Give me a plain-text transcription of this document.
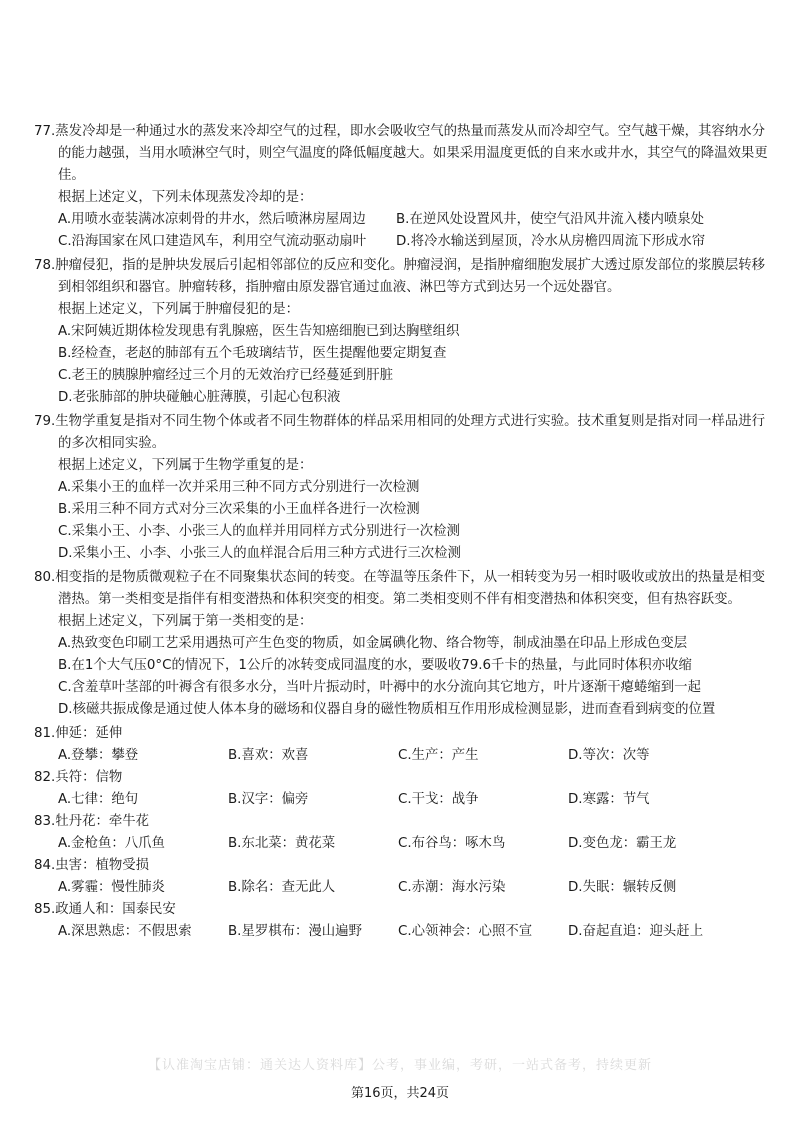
77.蒸发冷却是一种通过水的蒸发来冷却空气的过程，即水会吸收空气的热量而蒸发从而冷却空气。空气越干燥，其容纳水分的能力越强，当用水喷淋空气时，则空气温度的降低幅度越大。如果采用温度更低的自来水或井水，其空气的降温效果更佳。

根据上述定义，下列未体现蒸发冷却的是：

A.用喷水壶装满冰凉刺骨的井水，然后喷淋房屋周边	B.在逆风处设置风井，使空气沿风井流入楼内喷泉处
C.沿海国家在风口建造风车，利用空气流动驱动扇叶	D.将冷水输送到屋顶，冷水从房檐四周流下形成水帘

78.肿瘤侵犯，指的是肿块发展后引起相邻部位的反应和变化。肿瘤浸润，是指肿瘤细胞发展扩大透过原发部位的浆膜层转移到相邻组织和器官。肿瘤转移，指肿瘤由原发器官通过血液、淋巴等方式到达另一个远处器官。

根据上述定义，下列属于肿瘤侵犯的是：

A.宋阿姨近期体检发现患有乳腺癌，医生告知癌细胞已到达胸壁组织

B.经检查，老赵的肺部有五个毛玻璃结节，医生提醒他要定期复查

C.老王的胰腺肿瘤经过三个月的无效治疗已经蔓延到肝脏

D.老张肺部的肿块碰触心脏薄膜，引起心包积液

79.生物学重复是指对不同生物个体或者不同生物群体的样品采用相同的处理方式进行实验。技术重复则是指对同一样品进行的多次相同实验。

根据上述定义，下列属于生物学重复的是：

A.采集小王的血样一次并采用三种不同方式分别进行一次检测

B.采用三种不同方式对分三次采集的小王血样各进行一次检测

C.采集小王、小李、小张三人的血样并用同样方式分别进行一次检测

D.采集小王、小李、小张三人的血样混合后用三种方式进行三次检测

80.相变指的是物质微观粒子在不同聚集状态间的转变。在等温等压条件下，从一相转变为另一相时吸收或放出的热量是相变潜热。第一类相变是指伴有相变潜热和体积突变的相变。第二类相变则不伴有相变潜热和体积突变，但有热容跃变。

根据上述定义，下列属于第一类相变的是：

A.热致变色印刷工艺采用遇热可产生色变的物质，如金属碘化物、络合物等，制成油墨在印品上形成色变层

B.在1个大气压0°C的情况下，1公斤的冰转变成同温度的水，要吸收79.6千卡的热量，与此同时体积亦收缩

C.含羞草叶茎部的叶褥含有很多水分，当叶片振动时，叶褥中的水分流向其它地方，叶片逐渐干瘪蜷缩到一起

D.核磁共振成像是通过使人体本身的磁场和仪器自身的磁性物质相互作用形成检测显影，进而查看到病变的位置

81.伸延：延伸

A.登攀：攀登	B.喜欢：欢喜	C.生产：产生	D.等次：次等

82.兵符：信物

A.七律：绝句	B.汉字：偏旁	C.干戈：战争	D.寒露：节气

83.牡丹花：牵牛花

A.金枪鱼：八爪鱼	B.东北菜：黄花菜	C.布谷鸟：啄木鸟	D.变色龙：霸王龙

84.虫害：植物受损

A.雾霾：慢性肺炎	B.除名：查无此人	C.赤潮：海水污染	D.失眠：辗转反侧

85.政通人和：国泰民安

A.深思熟虑：不假思索	B.星罗棋布：漫山遍野	C.心领神会：心照不宣	D.奋起直追：迎头赶上
【认准淘宝店铺：通关达人资料库】公考，事业编，考研，一站式备考，持续更新
第16页，共24页
